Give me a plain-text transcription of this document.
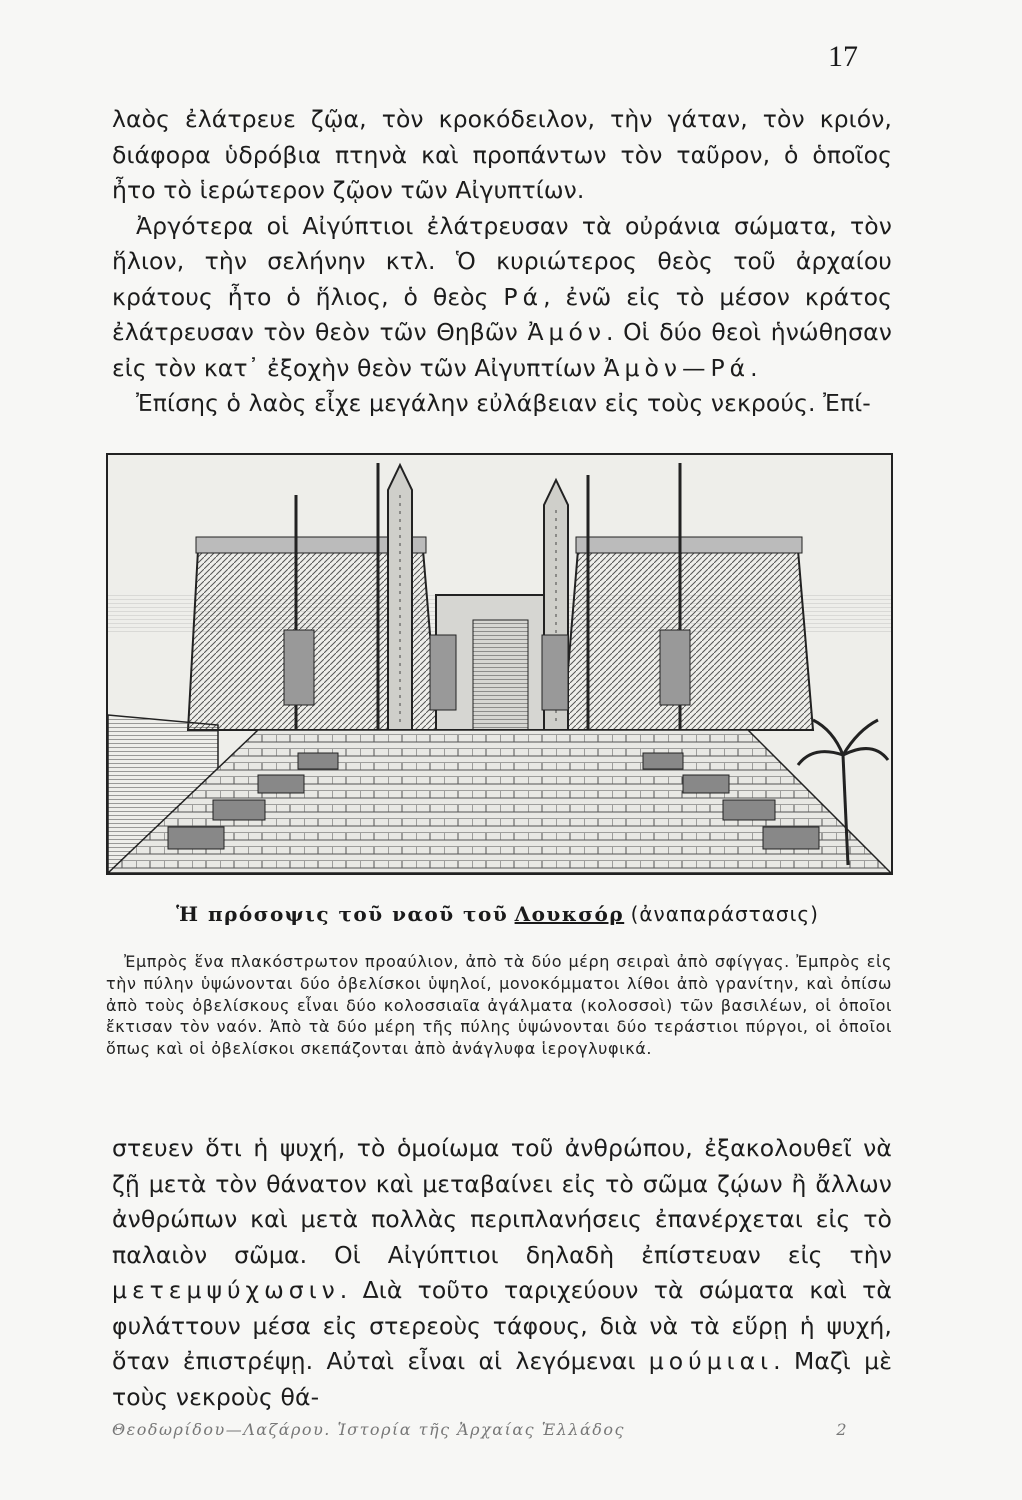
17

λαὸς ἐλάτρευε ζῷα, τὸν κροκόδειλον, τὴν γάταν, τὸν κριόν, διάφορα ὑδρόβια πτηνὰ καὶ προπάντων τὸν ταῦρον, ὁ ὁποῖος ἦτο τὸ ἱερώτερον ζῷον τῶν Αἰγυπτίων.

Ἀργότερα οἱ Αἰγύπτιοι ἐλάτρευσαν τὰ οὐράνια σώματα, τὸν ἥλιον, τὴν σελήνην κτλ. Ὁ κυριώτερος θεὸς τοῦ ἀρχαίου κράτους ἦτο ὁ ἥλιος, ὁ θεὸς Ρά, ἐνῶ εἰς τὸ μέσον κράτος ἐλάτρευσαν τὸν θεὸν τῶν Θηβῶν Ἀμόν. Οἱ δύο θεοὶ ἡνώθησαν εἰς τὸν κατ᾽ ἐξοχὴν θεὸν τῶν Αἰγυπτίων Ἀμὸν—Ρά.

Ἐπίσης ὁ λαὸς εἶχε μεγάλην εὐλάβειαν εἰς τοὺς νεκρούς. Ἐπί-

Ἡ πρόσοψις τοῦ ναοῦ τοῦ Λουκσόρ (ἀναπαράστασις)

Ἐμπρὸς ἕνα πλακόστρωτον προαύλιον, ἀπὸ τὰ δύο μέρη σειραὶ ἀπὸ σφίγγας. Ἐμπρὸς εἰς τὴν πύλην ὑψώνονται δύο ὀβελίσκοι ὑψηλοί, μονοκόμματοι λίθοι ἀπὸ γρανίτην, καὶ ὀπίσω ἀπὸ τοὺς ὀβελίσκους εἶναι δύο κολοσσιαῖα ἀγάλματα (κολοσσοὶ) τῶν βασιλέων, οἱ ὁποῖοι ἔκτισαν τὸν ναόν. Ἀπὸ τὰ δύο μέρη τῆς πύλης ὑψώνονται δύο τεράστιοι πύργοι, οἱ ὁποῖοι ὅπως καὶ οἱ ὀβελίσκοι σκεπάζονται ἀπὸ ἀνάγλυφα ἱερογλυφικά.

στευεν ὅτι ἡ ψυχή, τὸ ὁμοίωμα τοῦ ἀνθρώπου, ἐξακολουθεῖ νὰ ζῇ μετὰ τὸν θάνατον καὶ μεταβαίνει εἰς τὸ σῶμα ζῴων ἢ ἄλλων ἀνθρώπων καὶ μετὰ πολλὰς περιπλανήσεις ἐπανέρχεται εἰς τὸ παλαιὸν σῶμα. Οἱ Αἰγύπτιοι δηλαδὴ ἐπίστευαν εἰς τὴν μετεμψύχωσιν. Διὰ τοῦτο ταριχεύουν τὰ σώματα καὶ τὰ φυλάττουν μέσα εἰς στερεοὺς τάφους, διὰ νὰ τὰ εὕρῃ ἡ ψυχή, ὅταν ἐπιστρέψῃ. Αὐταὶ εἶναι αἱ λεγόμεναι μούμιαι. Μαζὶ μὲ τοὺς νεκροὺς θά-

Θεοδωρίδου—Λαζάρου. Ἱστορία τῆς Ἀρχαίας Ἑλλάδος	2
